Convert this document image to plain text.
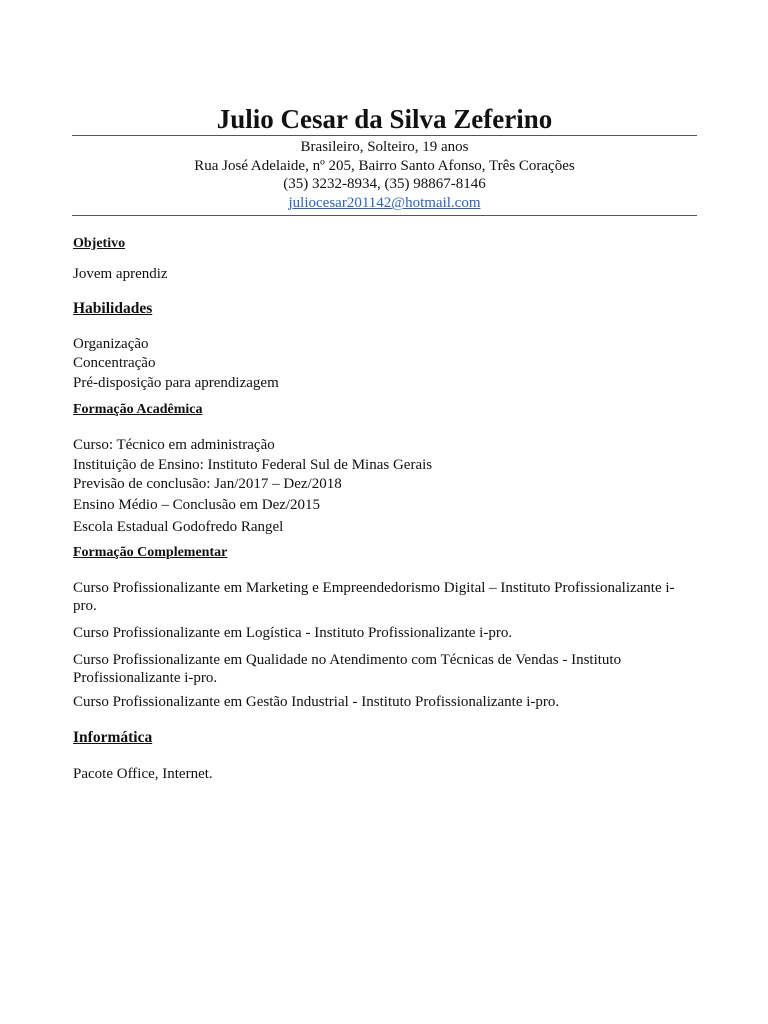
Julio Cesar da Silva Zeferino
Brasileiro, Solteiro, 19 anos
Rua José Adelaide, nº 205, Bairro Santo Afonso, Três Corações
(35) 3232-8934, (35) 98867-8146
juliocesar201142@hotmail.com
Objetivo

Jovem aprendiz

Habilidades

Organização

Concentração

Pré-disposição para aprendizagem

Formação Acadêmica

Curso: Técnico em administração

Instituição de Ensino: Instituto Federal Sul de Minas Gerais

Previsão de conclusão: Jan/2017 – Dez/2018

Ensino Médio – Conclusão em Dez/2015

Escola Estadual Godofredo Rangel

Formação Complementar

Curso Profissionalizante em Marketing e Empreendedorismo Digital – Instituto Profissionalizante i-pro.

Curso Profissionalizante em Logística - Instituto Profissionalizante i-pro.

Curso Profissionalizante em Qualidade no Atendimento com Técnicas de Vendas - Instituto Profissionalizante i-pro.

Curso Profissionalizante em Gestão Industrial - Instituto Profissionalizante i-pro.

Informática

Pacote Office, Internet.
